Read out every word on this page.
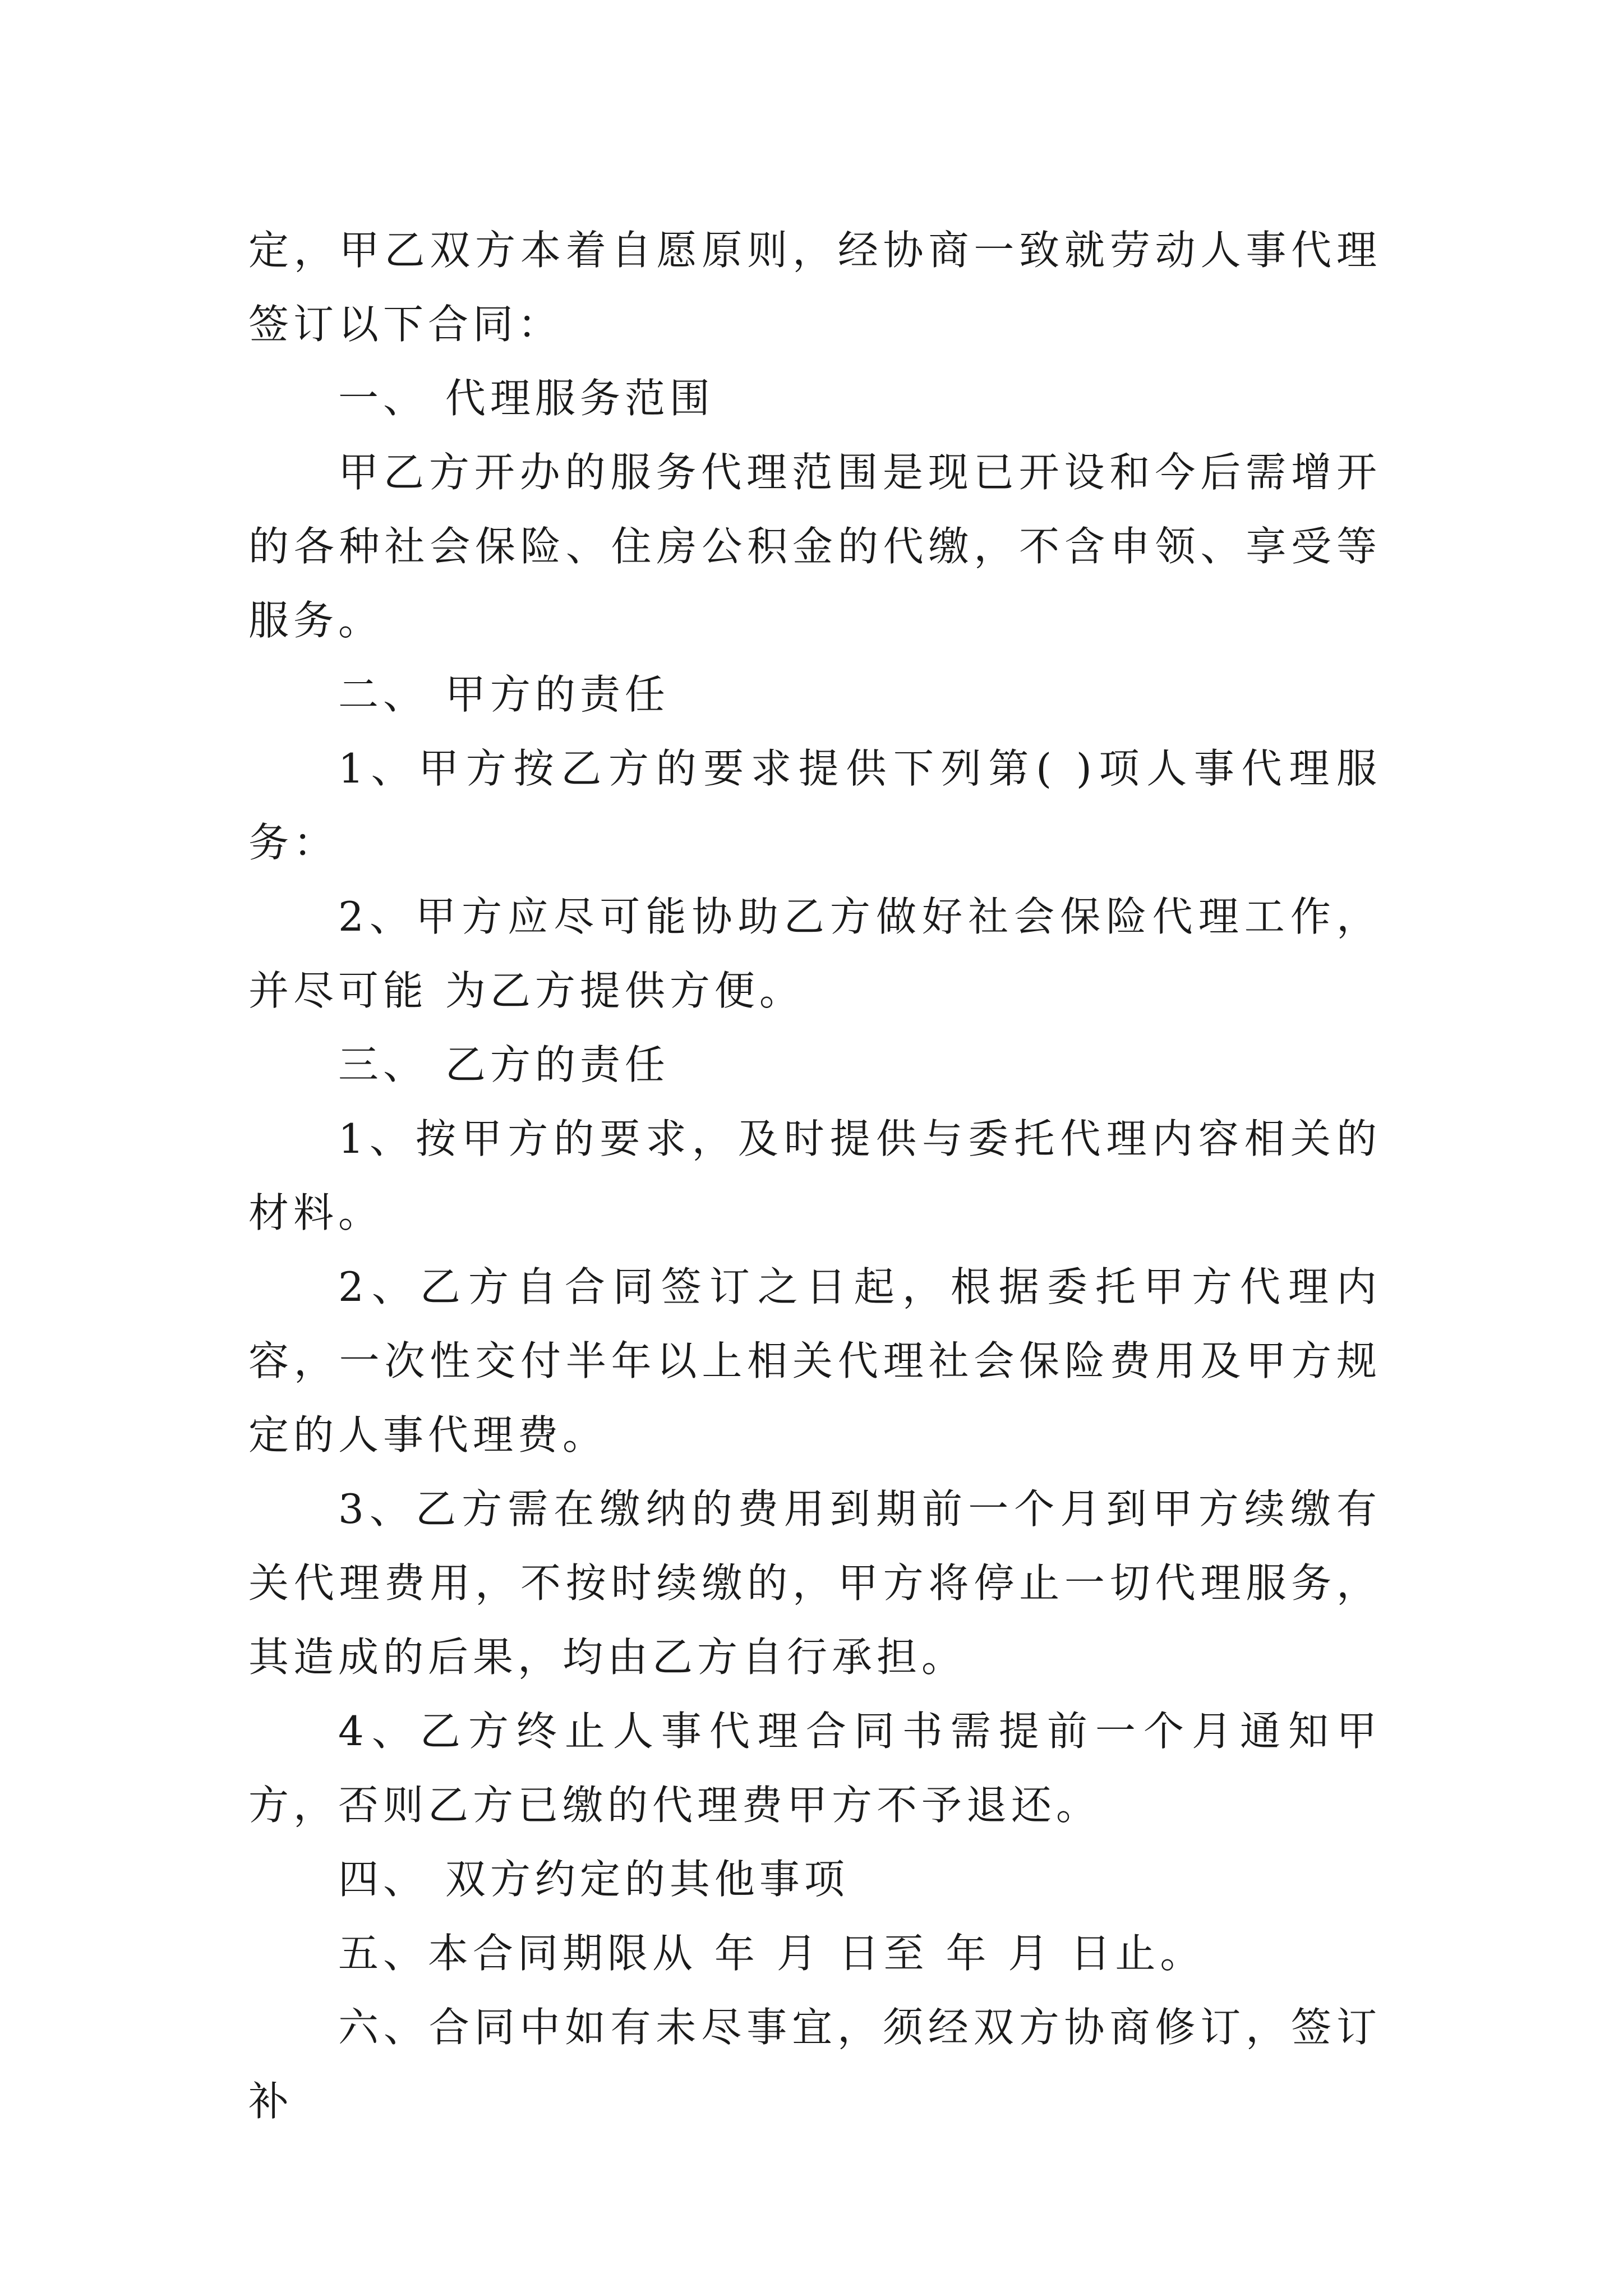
定，甲乙双方本着自愿原则，经协商一致就劳动人事代理签订以下合同：

一、 代理服务范围

甲乙方开办的服务代理范围是现已开设和今后需增开的各种社会保险、住房公积金的代缴，不含申领、享受等服务。

二、 甲方的责任

1、甲方按乙方的要求提供下列第( )项人事代理服务：

2、甲方应尽可能协助乙方做好社会保险代理工作，并尽可能 为乙方提供方便。

三、 乙方的责任

1、按甲方的要求，及时提供与委托代理内容相关的材料。

2、乙方自合同签订之日起，根据委托甲方代理内容，一次性交付半年以上相关代理社会保险费用及甲方规定的人事代理费。

3、乙方需在缴纳的费用到期前一个月到甲方续缴有关代理费用，不按时续缴的，甲方将停止一切代理服务，其造成的后果，均由乙方自行承担。

4、乙方终止人事代理合同书需提前一个月通知甲方，否则乙方已缴的代理费甲方不予退还。

四、 双方约定的其他事项

五、本合同期限从 年 月 日至 年 月 日止。

六、合同中如有未尽事宜，须经双方协商修订，签订补
